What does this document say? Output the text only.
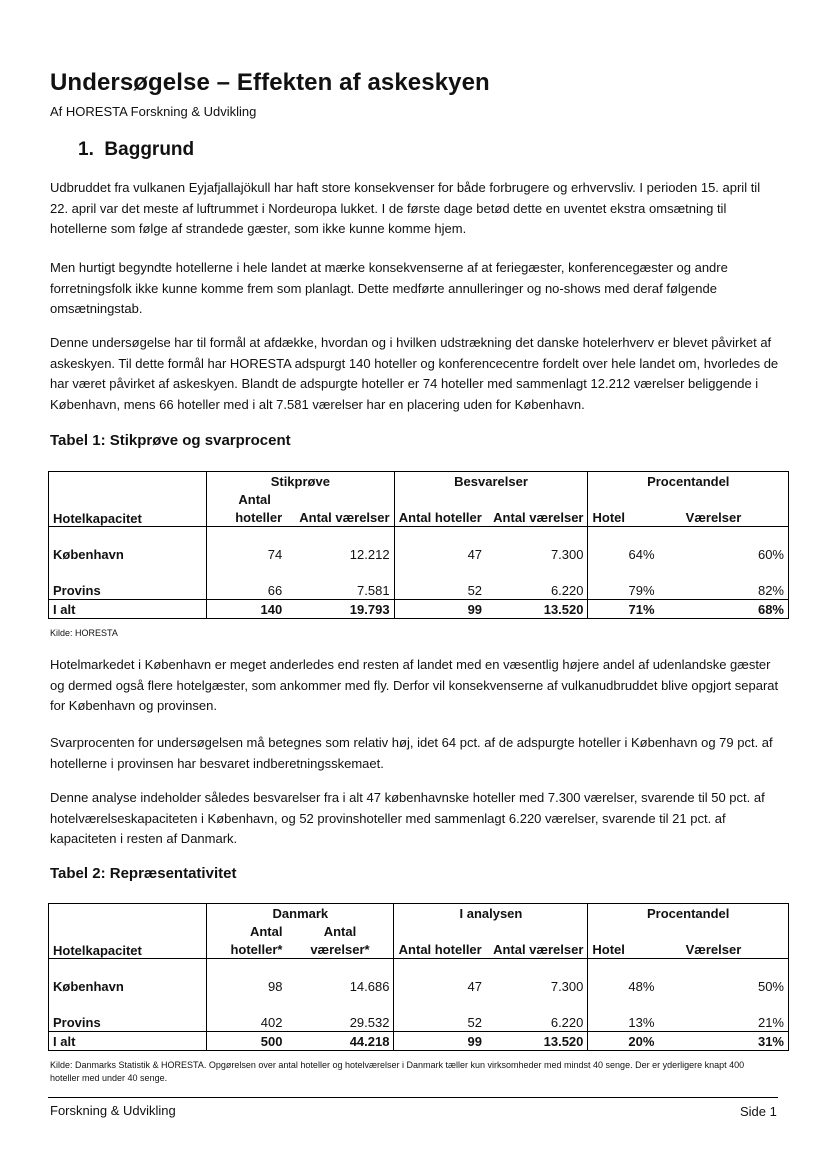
Undersøgelse – Effekten af askeskyen
Af HORESTA Forskning & Udvikling
1. Baggrund
Udbruddet fra vulkanen Eyjafjallajökull har haft store konsekvenser for både forbrugere og erhvervsliv. I perioden 15. april til 22. april var det meste af luftrummet i Nordeuropa lukket. I de første dage betød dette en uventet ekstra omsætning til hotellerne som følge af strandede gæster, som ikke kunne komme hjem.
Men hurtigt begyndte hotellerne i hele landet at mærke konsekvenserne af at feriegæster, konferencegæster og andre forretningsfolk ikke kunne komme frem som planlagt. Dette medførte annulleringer og no-shows med deraf følgende omsætningstab.
Denne undersøgelse har til formål at afdække, hvordan og i hvilken udstrækning det danske hotelerhverv er blevet påvirket af askeskyen. Til dette formål har HORESTA adspurgt 140 hoteller og konferencecentre fordelt over hele landet om, hvorledes de har været påvirket af askeskyen. Blandt de adspurgte hoteller er 74 hoteller med sammenlagt 12.212 værelser beliggende i København, mens 66 hoteller med i alt 7.581 værelser har en placering uden for København.
Tabel 1: Stikprøve og svarprocent
	Stikprøve		Besvarelser		Procentandel	
Hotelkapacitet	Antal					
	hoteller	Antal værelser	Antal hoteller	Antal værelser	Hotel	Værelser

København	74	12.212	47	7.300	64%	60%

Provins	66	7.581	52	6.220	79%	82%
I alt	140	19.793	99	13.520	71%	68%
Kilde: HORESTA
Hotelmarkedet i København er meget anderledes end resten af landet med en væsentlig højere andel af udenlandske gæster og dermed også flere hotelgæster, som ankommer med fly. Derfor vil konsekvenserne af vulkanudbruddet blive opgjort separat for København og provinsen.
Svarprocenten for undersøgelsen må betegnes som relativ høj, idet 64 pct. af de adspurgte hoteller i København og 79 pct. af hotellerne i provinsen har besvaret indberetningsskemaet.
Denne analyse indeholder således besvarelser fra i alt 47 københavnske hoteller med 7.300 værelser, svarende til 50 pct. af hotelværelseskapaciteten i København, og 52 provinshoteller med sammenlagt 6.220 værelser, svarende til 21 pct. af kapaciteten i resten af Danmark.
Tabel 2: Repræsentativitet
	Danmark		I analysen		Procentandel	
Hotelkapacitet	Antal	Antal				
	hoteller*	værelser*	Antal hoteller	Antal værelser	Hotel	Værelser

København	98	14.686	47	7.300	48%	50%

Provins	402	29.532	52	6.220	13%	21%
I alt	500	44.218	99	13.520	20%	31%
Kilde: Danmarks Statistik & HORESTA. Opgørelsen over antal hoteller og hotelværelser i Danmark tæller kun virksomheder med mindst 40 senge. Der er yderligere knapt 400 hoteller med under 40 senge.
Forskning & Udvikling	Side 1
